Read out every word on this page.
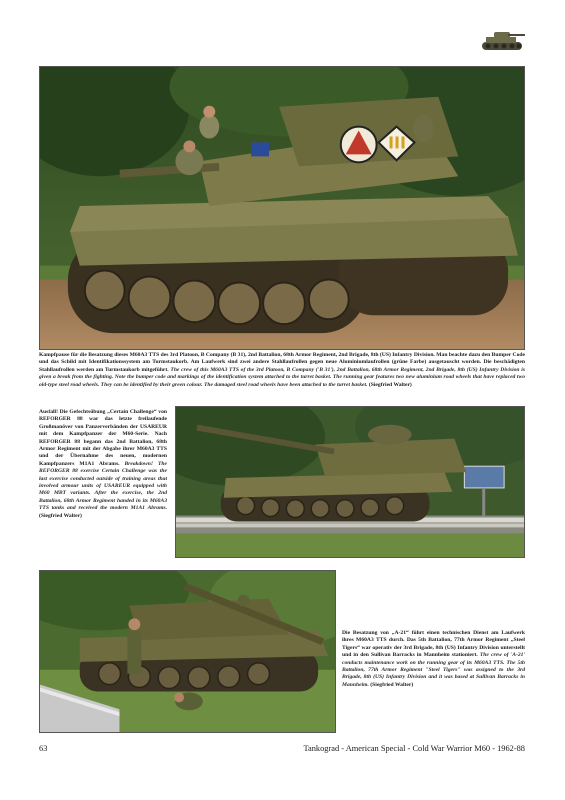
Kampfpause für die Besatzung dieses M60A3 TTS des 3rd Platoon, B Company (B 31), 2nd Battalion, 68th Armor Regiment, 2nd Brigade, 8th (US) Infantry Division. Man beachte dazu den Bumper Code und das Schild mit Identifikationssystem am Turmstaukorb. Am Laufwerk sind zwei andere Stahllaufrollen gegen neue Aluminiumlaufrollen (grüne Farbe) ausgetauscht worden. Die beschädigten Stahllaufrollen werden am Turmstaukorb mitgeführt. The crew of this M60A3 TTS of the 3rd Platoon, B Company ('B 31'), 2nd Battalion, 68th Armor Regiment, 2nd Brigade, 8th (US) Infantry Division is given a break from the fighting. Note the bumper code and markings of the identification system attached to the turret basket. The running gear features two new aluminium road wheels that have replaced two old-type steel road wheels. They can be identified by their green colour. The damaged steel road wheels have been attached to the turret basket. (Siegfried Walter)
Ausfall! Die Gefechtsübung „Certain Challenge“ von REFORGER 88 war das letzte freilaufende Großmanöver von Panzerverbänden der USAREUR mit dem Kampfpanzer der M60-Serie. Nach REFORGER 88 begann das 2nd Battalion, 68th Armor Regiment mit der Abgabe ihrer M60A3 TTS und der Übernahme des neuen, modernen Kampfpanzers M1A1 Abrams. Breakdown! The REFORGER 88 exercise Certain Challenge was the last exercise conducted outside of training areas that involved armour units of USAREUR equipped with M60 MBT variants. After the exercise, the 2nd Battalion, 68th Armor Regiment handed in its M60A3 TTS tanks and received the modern M1A1 Abrams. (Siegfried Walter)
Die Besatzung von „A-21“ führt einen technischen Dienst am Laufwerk ihres M60A3 TTS durch. Das 5th Battalion, 77th Armor Regiment „Steel Tigers“ war operativ der 3rd Brigade, 8th (US) Infantry Division unterstellt und in den Sullivan Barracks in Mannheim stationiert. The crew of 'A-21' conducts maintenance work on the running gear of its M60A3 TTS. The 5th Battalion, 77th Armor Regiment "Steel Tigers" was assigned to the 3rd Brigade, 8th (US) Infantry Division and it was based at Sullivan Barracks in Mannheim. (Siegfried Walter)
63	Tankograd - American Special - Cold War Warrior M60 - 1962-88
